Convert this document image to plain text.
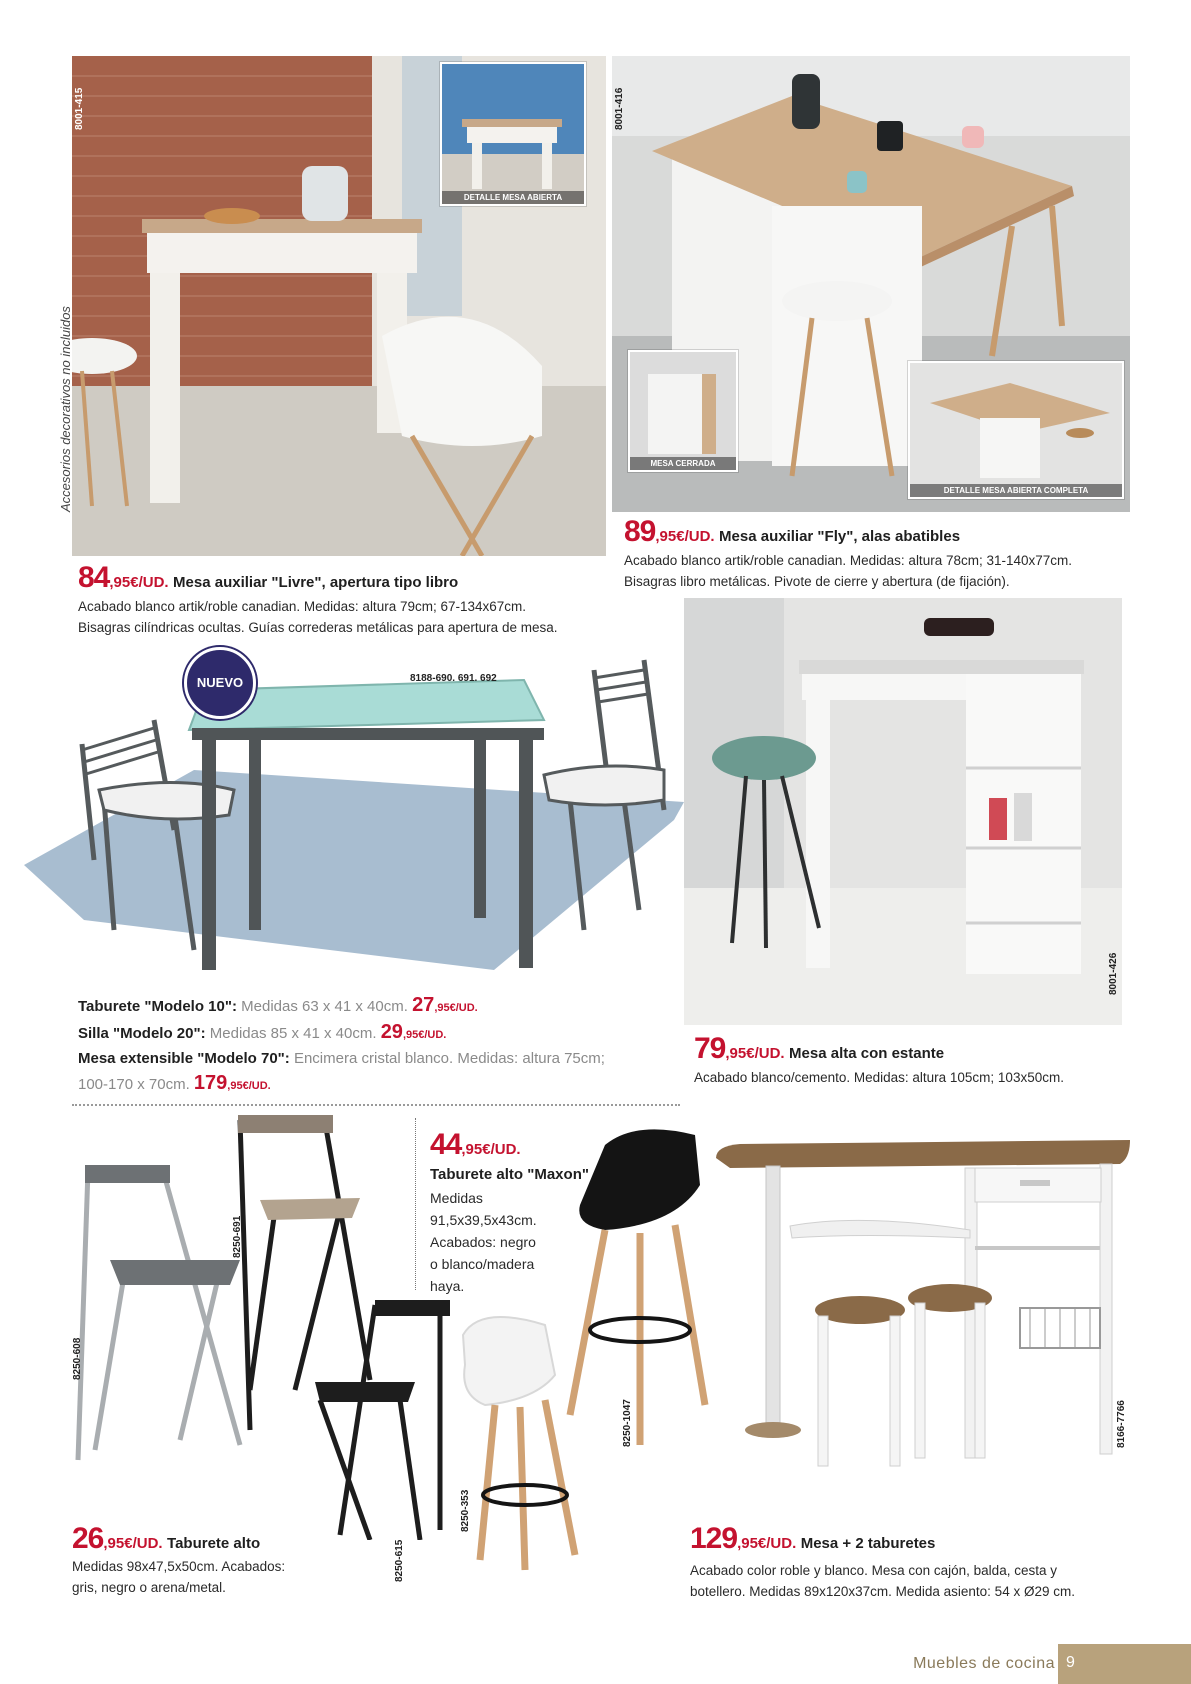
DETALLE MESA ABIERTA
8001-415
Accesorios decorativos no incluidos
84,95€/UD. Mesa auxiliar "Livre", apertura tipo libro
Acabado blanco artik/roble canadian. Medidas: altura 79cm; 67-134x67cm.
Bisagras cilíndricas ocultas. Guías correderas metálicas para apertura de mesa.
MESA CERRADA
DETALLE MESA ABIERTA COMPLETA
8001-416
89,95€/UD. Mesa auxiliar "Fly", alas abatibles
Acabado blanco artik/roble canadian. Medidas: altura 78cm; 31-140x77cm.
Bisagras libro metálicas. Pivote de cierre y abertura (de fijación).
NUEVO	8188-690. 691. 692
Taburete "Modelo 10": Medidas 63 x 41 x 40cm. 27,95€/UD.
Silla "Modelo 20": Medidas 85 x 41 x 40cm. 29,95€/UD.
Mesa extensible "Modelo 70": Encimera cristal blanco. Medidas: altura 75cm;
100-170 x 70cm. 179,95€/UD.
8001-426
79,95€/UD. Mesa alta con estante
Acabado blanco/cemento. Medidas: altura 105cm; 103x50cm.
8250-608
8250-691
8250-615
26,95€/UD. Taburete alto
Medidas 98x47,5x50cm. Acabados:
gris, negro o arena/metal.
44,95€/UD.
Taburete alto "Maxon"
Medidas
91,5x39,5x43cm.
Acabados: negro
o blanco/madera
haya.
8250-353
8250-1047	8166-7766
129,95€/UD. Mesa + 2 taburetes
Acabado color roble y blanco. Mesa con cajón, balda, cesta y
botellero. Medidas 89x120x37cm. Medida asiento: 54 x Ø29 cm.
Muebles de cocina 9
